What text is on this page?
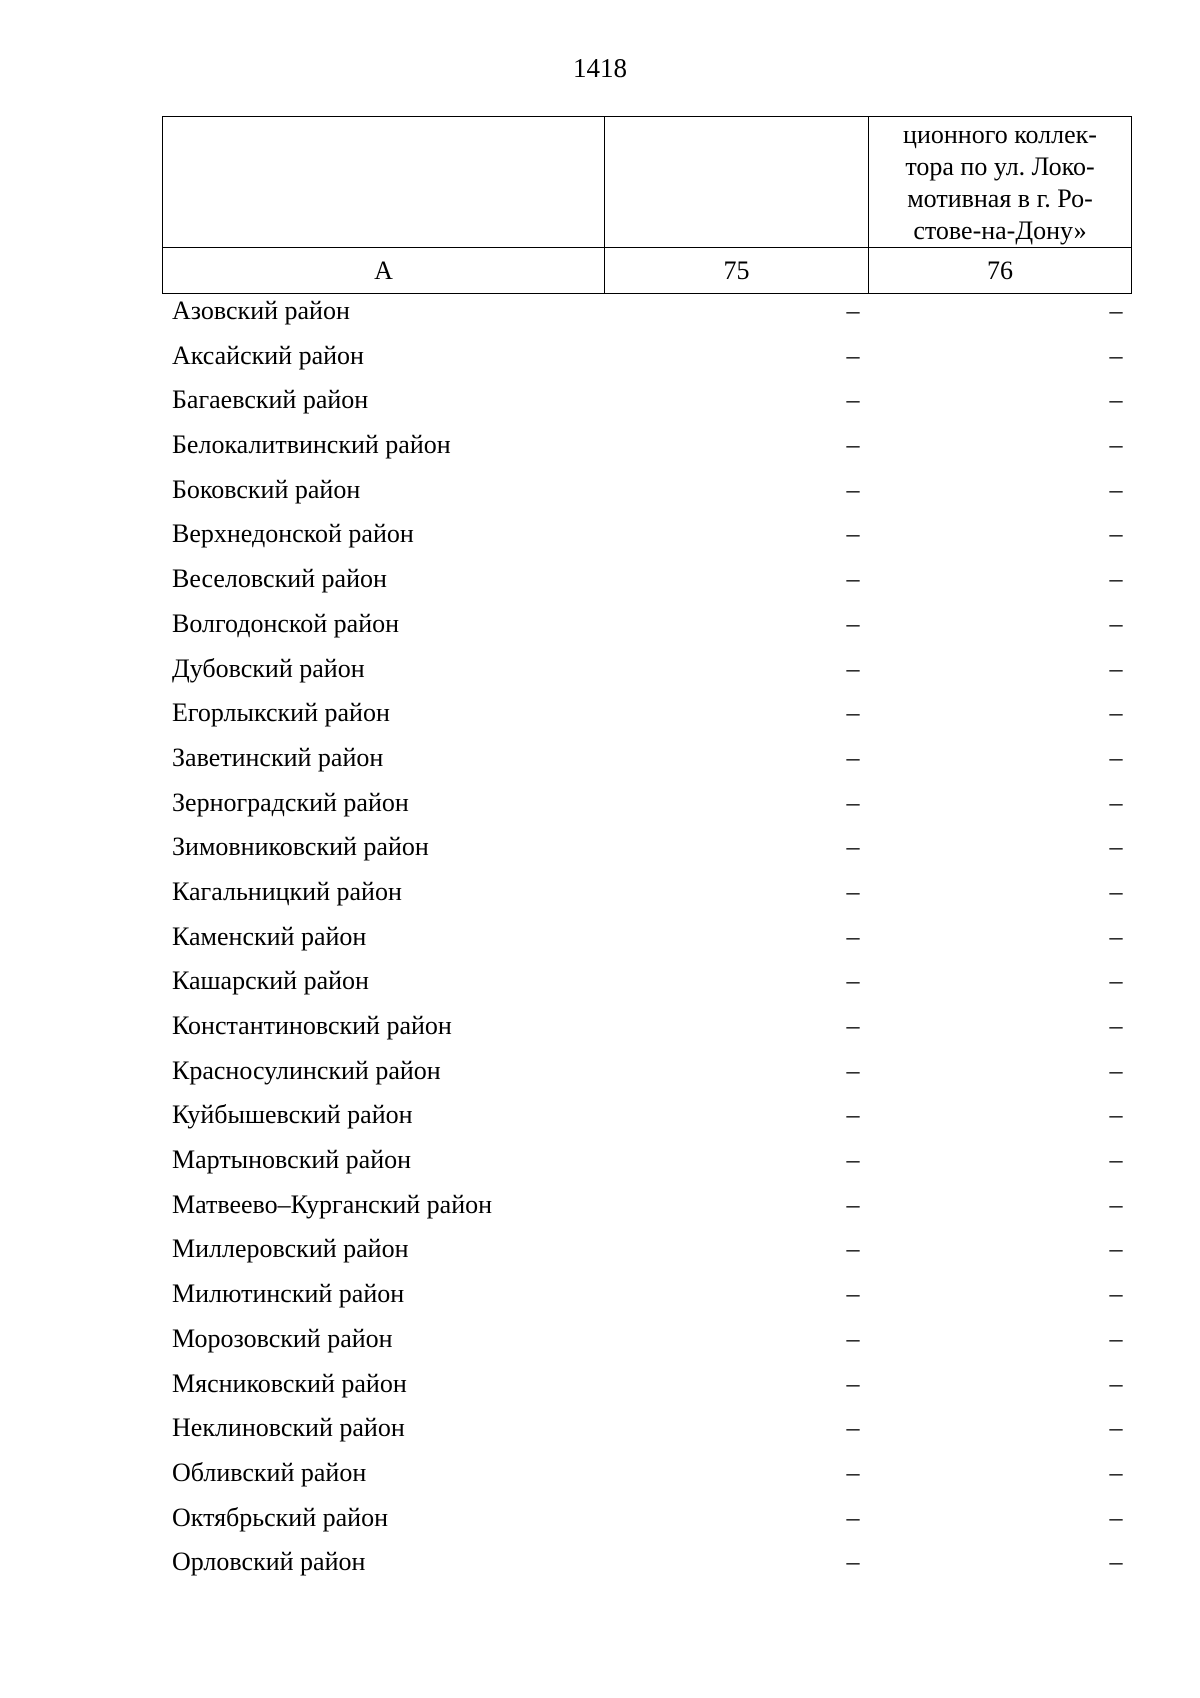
1418

		ционного коллек-
тора по ул. Локо-
мотивная в г. Ро-
стове-на-Дону»

А	75	76
Азовский район	–	–
Аксайский район	–	–
Багаевский район	–	–
Белокалитвинский район	–	–
Боковский район	–	–
Верхнедонской район	–	–
Веселовский район	–	–
Волгодонской район	–	–
Дубовский район	–	–
Егорлыкский район	–	–
Заветинский район	–	–
Зерноградский район	–	–
Зимовниковский район	–	–
Кагальницкий район	–	–
Каменский район	–	–
Кашарский район	–	–
Константиновский район	–	–
Красносулинский район	–	–
Куйбышевский район	–	–
Мартыновский район	–	–
Матвеево–Курганский район	–	–
Миллеровский район	–	–
Милютинский район	–	–
Морозовский район	–	–
Мясниковский район	–	–
Неклиновский район	–	–
Обливский район	–	–
Октябрьский район	–	–
Орловский район	–	–
